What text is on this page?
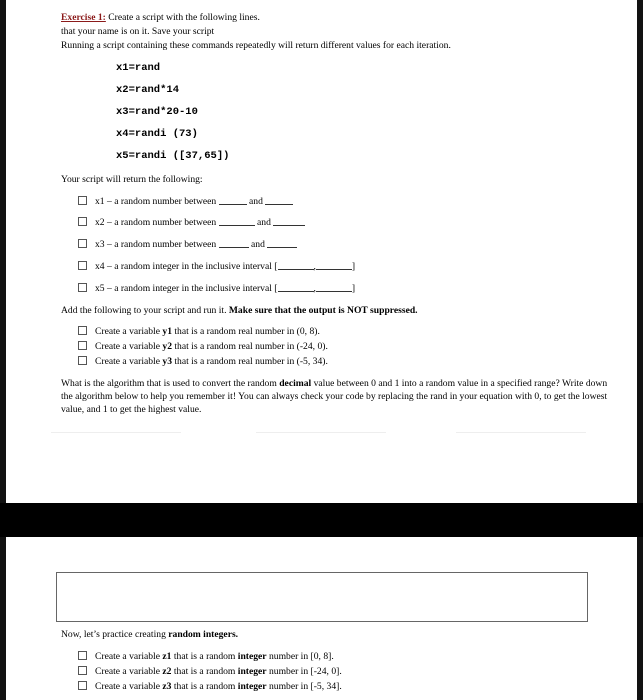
Exercise 1: Create a script with the following lines.
that your name is on it. Save your script
Running a script containing these commands repeatedly will return different values for each iteration.
x1=rand
x2=rand*14
x3=rand*20-10
x4=randi (73)
x5=randi ([37,65])
Your script will return the following:
x1 – a random number between	and
x2 – a random number between	and
x3 – a random number between	and
x4 – a random integer in the inclusive interval [	,	]
x5 – a random integer in the inclusive interval [	,	]
Add the following to your script and run it. Make sure that the output is NOT suppressed.
Create a variable y1 that is a random real number in (0, 8).
Create a variable y2 that is a random real number in (-24, 0).
Create a variable y3 that is a random real number in (-5, 34).
What is the algorithm that is used to convert the random decimal value between 0 and 1 into a random value in a specified range? Write down the algorithm below to help you remember it! You can always check your code by replacing the rand in your equation with 0, to get the lowest value, and 1 to get the highest value.
Now, let’s practice creating random integers.
Create a variable z1 that is a random integer number in [0, 8].
Create a variable z2 that is a random integer number in [-24, 0].
Create a variable z3 that is a random integer number in [-5, 34].
